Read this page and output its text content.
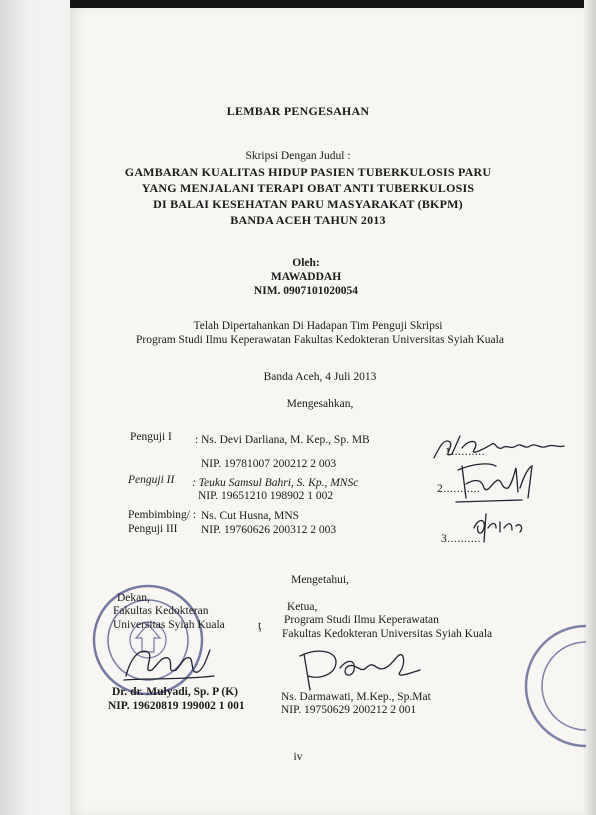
LEMBAR PENGESAHAN
Skripsi Dengan Judul :
GAMBARAN KUALITAS HIDUP PASIEN TUBERKULOSIS PARU
YANG MENJALANI TERAPI OBAT ANTI TUBERKULOSIS
DI BALAI KESEHATAN PARU MASYARAKAT (BKPM)
BANDA ACEH TAHUN 2013
Oleh:
MAWADDAH
NIM. 0907101020054
Telah Dipertahankan Di Hadapan Tim Penguji Skripsi
Program Studi Ilmu Keperawatan Fakultas Kedokteran Universitas Syiah Kuala
Banda Aceh, 4 Juli 2013
Mengesahkan,
Penguji I : Ns. Devi Darliana, M. Kep., Sp. MB
NIP. 19781007 200212 2 003
Penguji II : Teuku Samsul Bahri, S. Kp., MNSc
NIP. 19651210 198902 1 002
Pembimbing/ :
Penguji III
Ns. Cut Husna, MNS
NIP. 19760626 200312 2 003
1..........
2...........
3..........
Mengetahui,
Dekan,
Fakultas Kedokteran
Universitas Syiah Kuala	ţ
Dr. dr. Mulyadi, Sp. P (K)
NIP. 19620819 199002 1 001
Ketua,
Program Studi Ilmu Keperawatan
Fakultas Kedokteran Universitas Syiah Kuala
Ns. Darmawati, M.Kep., Sp.Mat
NIP. 19750629 200212 2 001
iv
